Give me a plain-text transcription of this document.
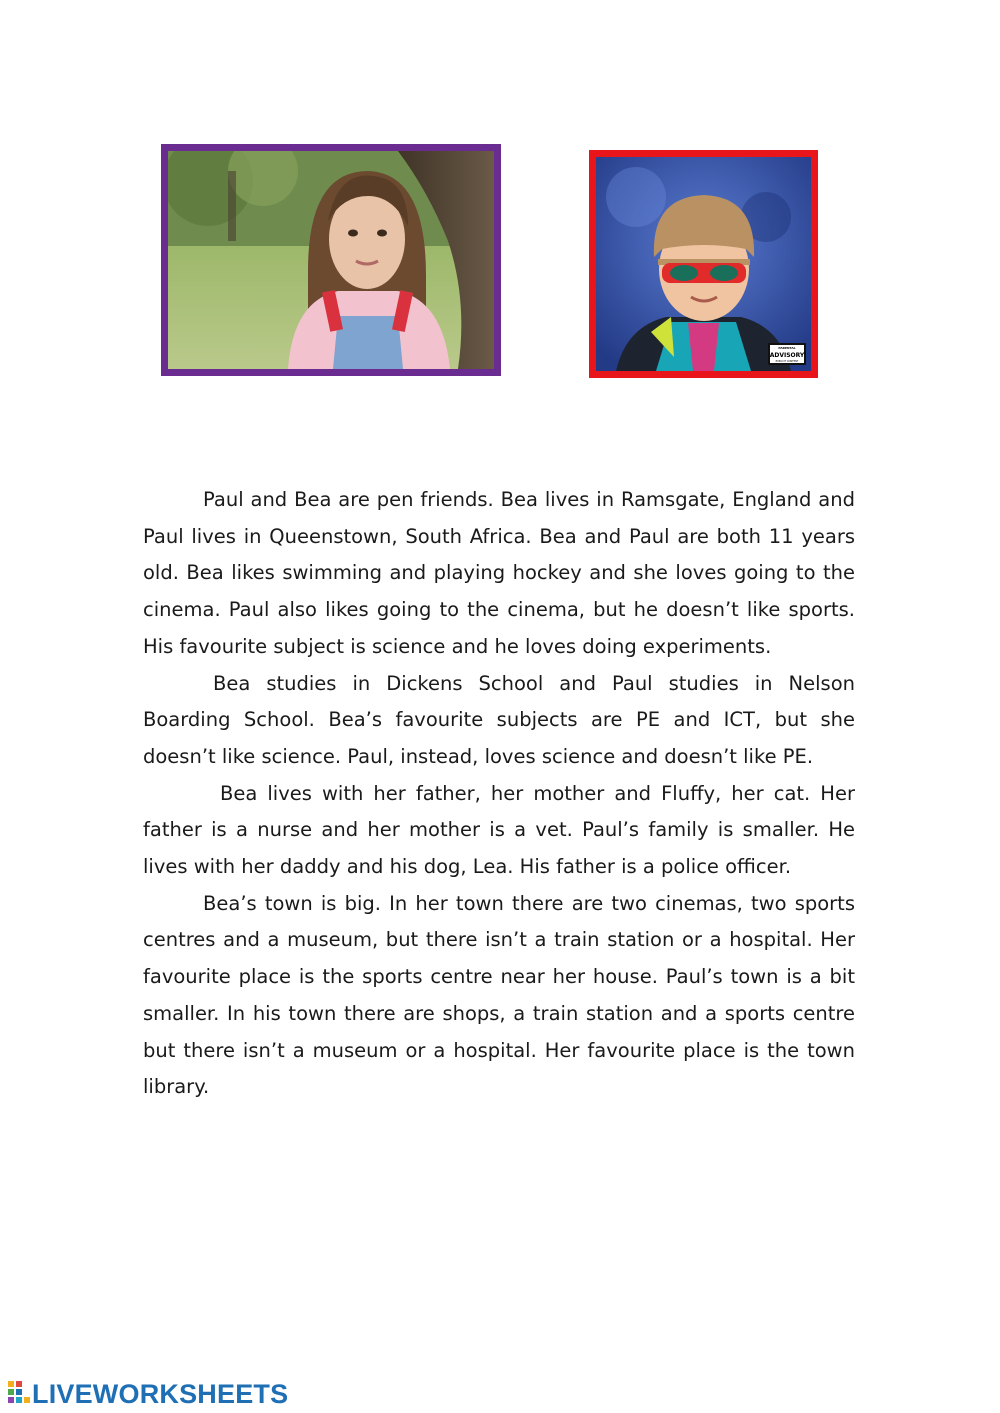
PARENTAL
ADVISORY
EXPLICIT CONTENT

Paul and Bea are pen friends. Bea lives in Ramsgate, England and Paul lives in Queenstown, South Africa. Bea and Paul are both 11 years old. Bea likes swimming and playing hockey and she loves going to the cinema. Paul also likes going to the cinema, but he doesn’t like sports. His favourite subject is science and he loves doing experiments.

Bea studies in Dickens School and Paul studies in Nelson Boarding School. Bea’s favourite subjects are PE and ICT, but she doesn’t like science. Paul, instead, loves science and doesn’t like PE.

Bea lives with her father, her mother and Fluffy, her cat. Her father is a nurse and her mother is a vet. Paul’s family is smaller. He lives with her daddy and his dog, Lea. His father is a police officer.

Bea’s town is big. In her town there are two cinemas, two sports centres and a museum, but there isn’t a train station or a hospital. Her favourite place is the sports centre near her house. Paul’s town is a bit smaller. In his town there are shops, a train station and a sports centre but there isn’t a museum or a hospital. Her favourite place is the town library.

LIVEWORKSHEETS
